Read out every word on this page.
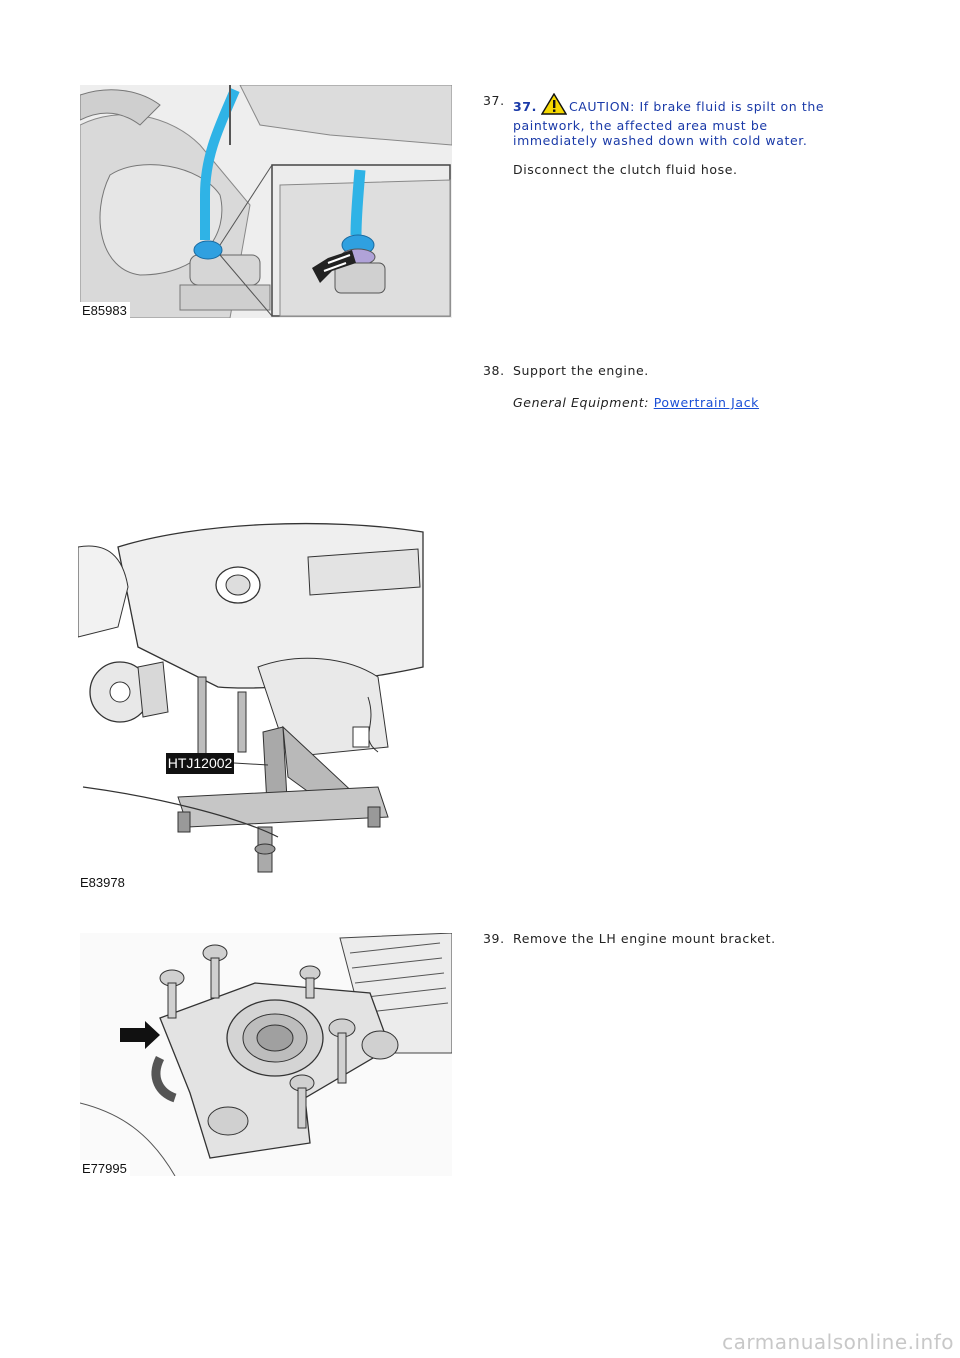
E85983
37. 37.	CAUTION: If brake fluid is spilt on the paintwork, the affected area must be immediately washed down with cold water.
Disconnect the clutch fluid hose.
38. Support the engine.
General Equipment: Powertrain Jack
HTJ12002
E83978
39. Remove the LH engine mount bracket.
E77995
carmanualsonline.info
